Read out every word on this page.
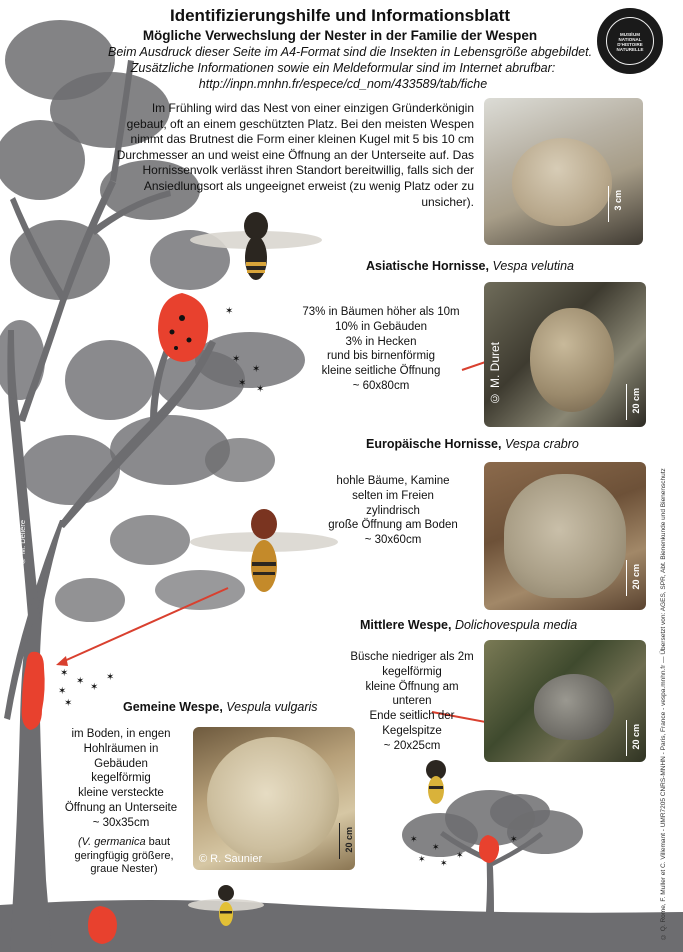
✶
✶
✶
✶
✶
✶
✶
✶ ✶
✶
✶
✶
✶
✶ ✶
✶
✶
Identifizierungshilfe und Informationsblatt
Mögliche Verwechslung der Nester in der Familie der Wespen
Beim Ausdruck dieser Seite im A4-Format sind die Insekten in Lebensgröße abgebildet.
Zusätzliche Informationen sowie ein Meldeformular sind im Internet abrufbar:
http://inpn.mnhn.fr/espece/cd_nom/433589/tab/fiche
MUSÉUM NATIONAL D'HISTOIRE NATURELLE
Im Frühling wird das Nest von einer einzigen Gründerkönigin gebaut, oft an einem geschützten Platz. Bei den meisten Wespen nimmt das Brutnest die Form einer kleinen Kugel mit 5 bis 10 cm Durchmesser an und weist eine Öffnung an der Unterseite auf. Das Hornissenvolk verlässt ihren Standort bereitwillig, falls sich der Ansiedlungsort als ungeeignet erweist (zu wenig Platz oder zu unsicher).	3 cm
20 cm
© M. Duret
20 cm
20 cm
20 cm
© R. Saunier
Asiatische Hornisse, Vespa velutina
73% in Bäumen höher als 10m
10% in Gebäuden
3% in Hecken
rund bis birnenförmig
kleine seitliche Öffnung
~ 60x80cm
Europäische Hornisse, Vespa crabro
hohle Bäume, Kamine
selten im Freien
zylindrisch
große Öffnung am Boden
~ 30x60cm
Mittlere Wespe, Dolichovespula media
Büsche niedriger als 2m
kegelförmig
kleine Öffnung am
unteren
Ende seitlich der
Kegelspitze
~ 20x25cm
Gemeine Wespe, Vespula vulgaris
im Boden, in engen
Hohlräumen in
Gebäuden
kegelförmig
kleine versteckte
Öffnung an Unterseite
~ 30x35cm
(V. germanica baut
geringfügig größere,
graue Nester)
© M. Delière	© Q. Rome, F. Muller et C. Villemant - UMR7205 CNRS-MNHN - Paris, France - vespa.mnhn.fr — Übersetzt von: AGES, SPR, Abt. Bienenkunde und Bienenschutz
